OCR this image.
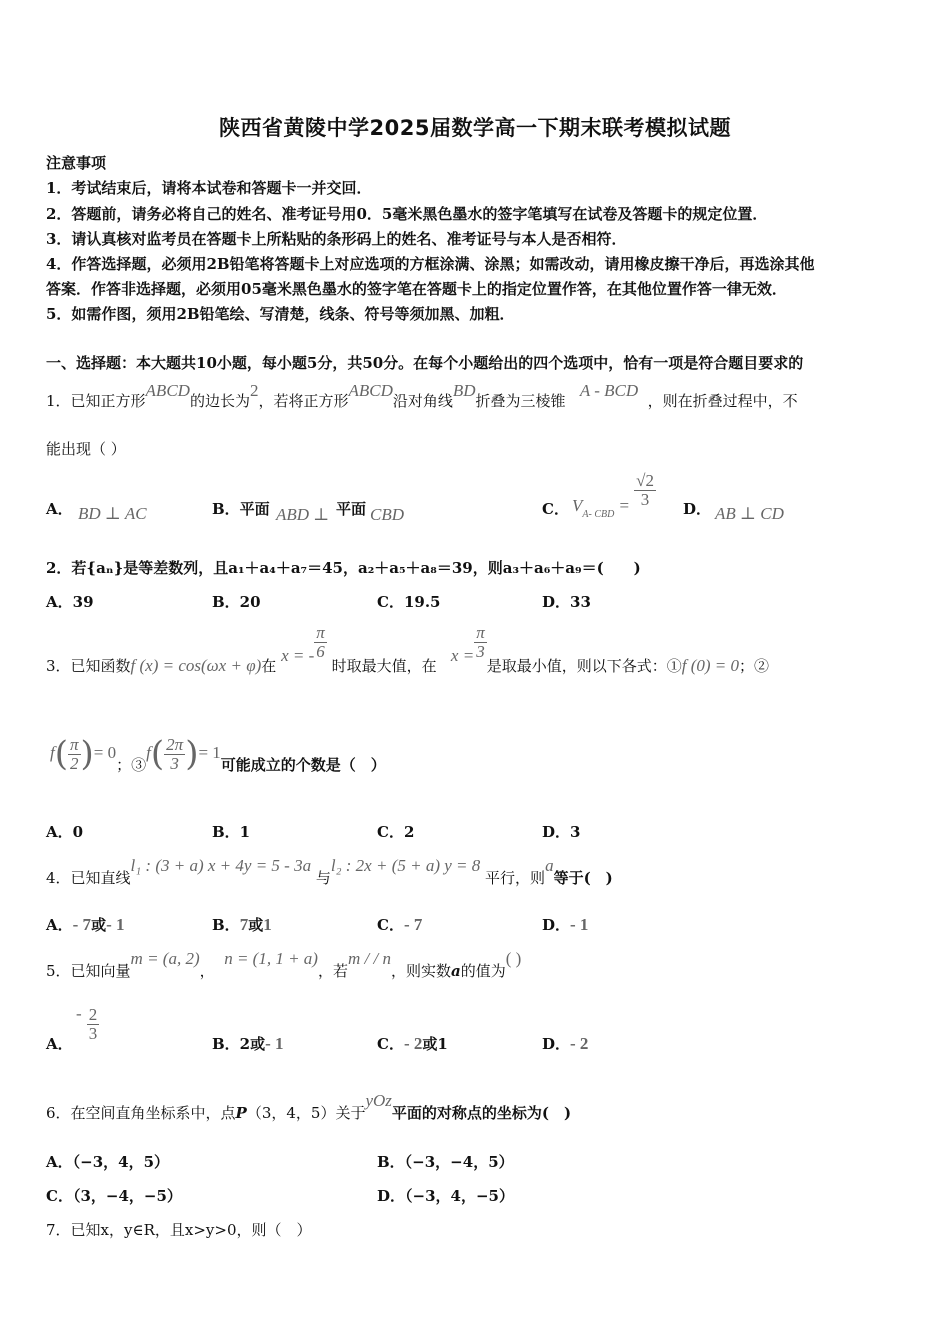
陕西省黄陵中学2025届数学高一下期末联考模拟试题
注意事项
1．考试结束后，请将本试卷和答题卡一并交回．
2．答题前，请务必将自己的姓名、准考证号用0．5毫米黑色墨水的签字笔填写在试卷及答题卡的规定位置．
3．请认真核对监考员在答题卡上所粘贴的条形码上的姓名、准考证号与本人是否相符．
4．作答选择题，必须用2B铅笔将答题卡上对应选项的方框涂满、涂黑；如需改动，请用橡皮擦干净后，再选涂其他
答案．作答非选择题，必须用05毫米黑色墨水的签字笔在答题卡上的指定位置作答，在其他位置作答一律无效．
5．如需作图，须用2B铅笔绘、写清楚，线条、符号等须加黑、加粗．
一、选择题：本大题共10小题，每小题5分，共50分。在每个小题给出的四个选项中，恰有一项是符合题目要求的
1．已知正方形ABCD的边长为2，若将正方形ABCD沿对角线BD折叠为三棱锥   A - BCD  ，则在折叠过程中，不
能出现（ ）
A． BD ⊥ AC	B．平面 ABD ⊥ 平面 CBD	C． $V_{A- CBD} = \frac{√2}{3}$ D． AB ⊥ CD
2．若{aₙ}是等差数列，且a₁＋a₄＋a₇＝45，a₂＋a₅＋a₈＝39，则a₃＋a₆＋a₉＝(　　)
A．39	B．20	C．19.5	D．33
3．已知函数f (x) = cos(ωx + φ)在 x = - $\frac{\pi}{6}$
时取最大值，在   $x = \frac{\pi}{3}$
是取最小值，则以下各式：①f (0) = 0；②
$f( \frac{\pi}{2}$ )= 0；③f( $\frac{2\pi}{3}$ )= 1可能成立的个数是（　）
A．0	B．1	C．2	D．3
4．已知直线l₁ : (3 + a) x + 4y = 5 - 3a 与l₂ : 2x + (5 + a) y = 8 平行，则a等于(　)
A．- 7或- 1	B．7或1	C．- 7	D．- 1
5．已知向量m = (a, 2)，  n = (1, 1 + a)，若m / / n，则实数a的值为( )
A．
- $\frac{2}{3}$
B．2或- 1	C．- 2或1	D．- 2
6．在空间直角坐标系中，点P（3，4，5）关于yOz平面的对称点的坐标为(　)
A．（−3，4，5）	B．（−3，−4，5）
C．（3，−4，−5）	D．（−3，4，−5）
7．已知x，y∈R，且x>y>0，则（　）
